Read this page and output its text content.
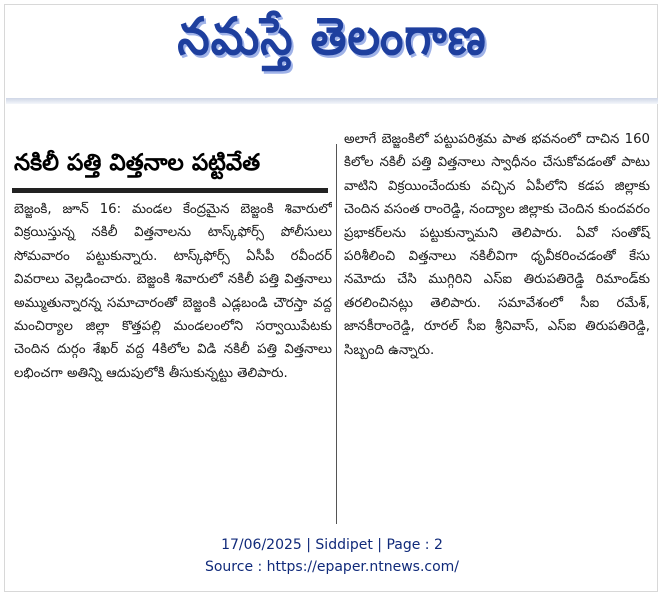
నమస్తే తెలంగాణ
నకిలీ పత్తి విత్తనాల పట్టివేత

బెజ్జంకి, జూన్ 16: మండల కేంద్రమైన బెజ్జంకి శివారులో విక్రయిస్తున్న నకిలీ విత్తనాలను టాస్క్‌ఫోర్స్ పోలీసులు సోమవారం పట్టుకున్నారు. టాస్క్‌ఫోర్స్ ఏసీపీ రవీందర్ వివరాలు వెల్లడించారు. బెజ్జంకి శివారులో నకిలీ పత్తి విత్తనాలు అమ్ముతున్నారన్న సమాచారంతో బెజ్జంకి ఎడ్లబండి చౌరస్తా వద్ద మంచిర్యాల జిల్లా కొత్తపల్లి మండలంలోని సర్వాయిపేటకు చెందిన దుర్గం శేఖర్ వద్ద 4కిలోల విడి నకిలీ పత్తి విత్తనాలు లభించగా అతిన్ని ఆదుపులోకి తీసుకున్నట్టు తెలిపారు.

అలాగే బెజ్జంకిలో పట్టుపరిశ్రమ పాత భవనంలో దాచిన 160 కిలోల నకిలీ పత్తి విత్తనాలు స్వాధీనం చేసుకోవడంతో పాటు వాటిని విక్రయించేందుకు వచ్చిన ఏపీలోని కడప జిల్లాకు చెందిన వసంత రాంరెడ్డి, నంద్యాల జిల్లాకు చెందిన కుందవరం ప్రభాకర్‌లను పట్టుకున్నామని తెలిపారు. ఏవో సంతోష్ పరిశీలించి విత్తనాలు నకిలీవిగా ధృవీకరించడంతో కేసు నమోదు చేసి ముగ్గిరిని ఎస్ఐ తిరుపతిరెడ్డి రిమాండ్‌కు తరలించినట్లు తెలిపారు. సమావేశంలో సీఐ రమేశ్, జానకీరాంరెడ్డి, రూరల్ సీఐ శ్రీనివాస్, ఎస్ఐ తిరుపతిరెడ్డి, సిబ్బంది ఉన్నారు.

17/06/2025 | Siddipet | Page : 2
Source : https://epaper.ntnews.com/
